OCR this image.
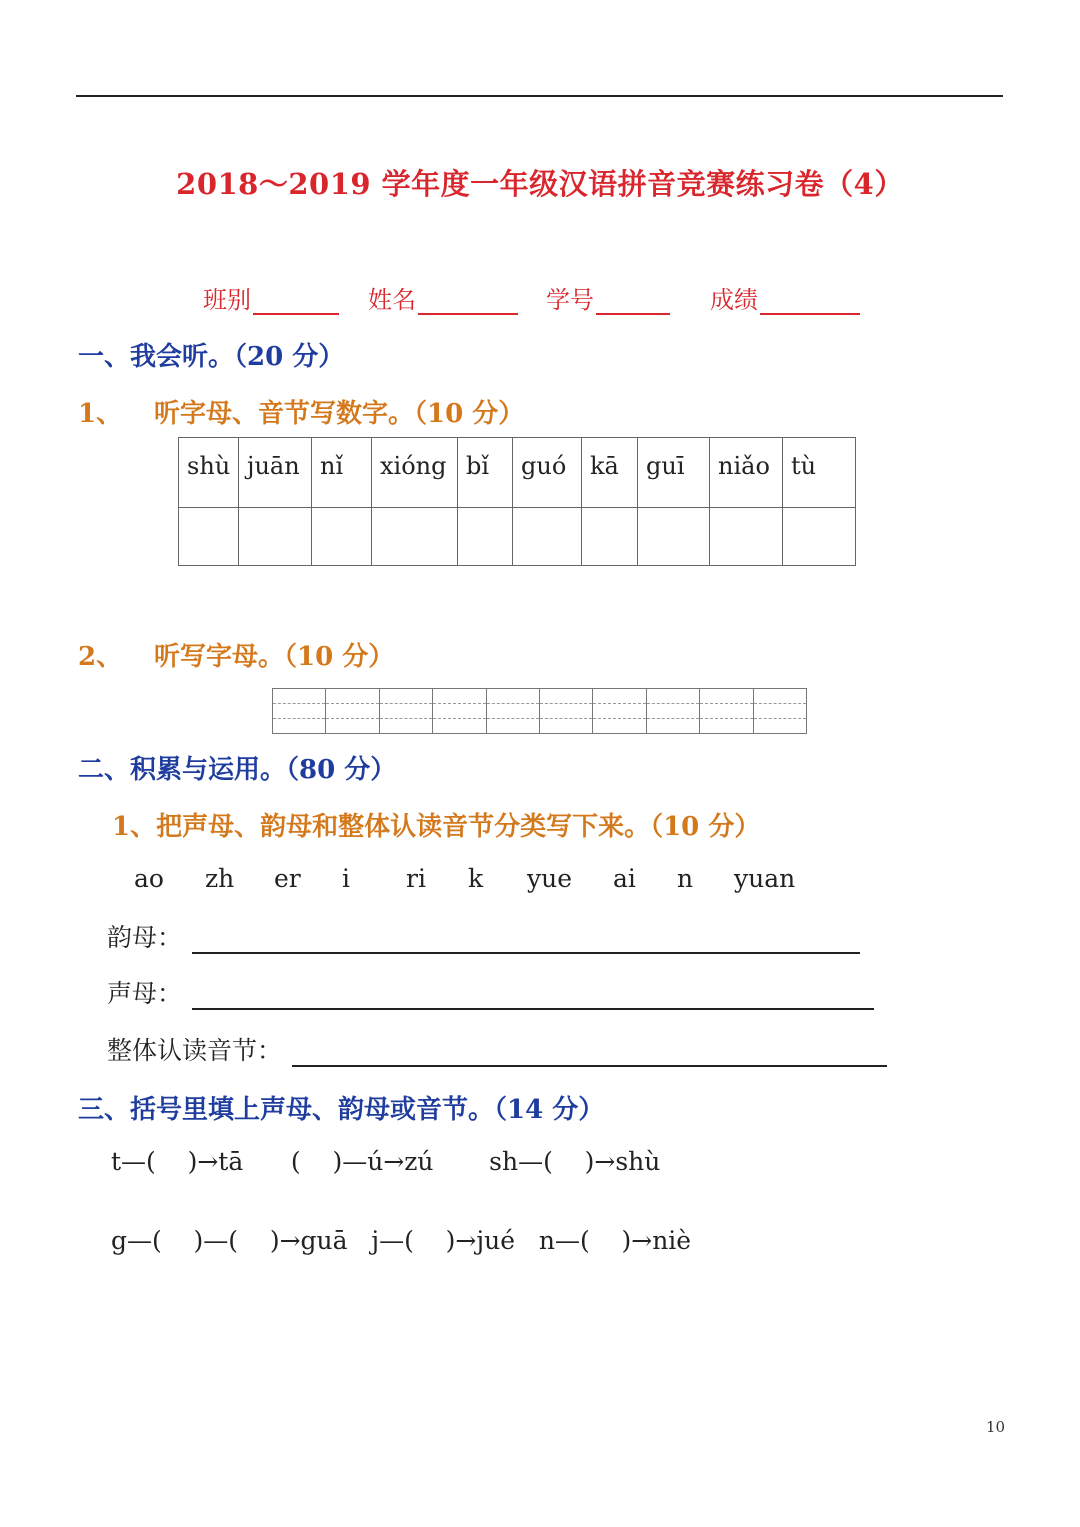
2018～2019 学年度一年级汉语拼音竞赛练习卷（4）
班别	姓名	学号	成绩
一、我会听。（20 分）
1、 听字母、音节写数字。（10 分）
shù	juān	nǐ	xióng	bǐ	guó	kā	guī	niǎo	tù

2、 听写字母。（10 分）
二、积累与运用。（80 分）
1、把声母、韵母和整体认读音节分类写下来。（10 分）
ao zh er i ri k yue ai n yuan
韵母：
声母：
整体认读音节：
三、括号里填上声母、韵母或音节。（14 分）
t—(    )→tā      (    )—ú→zú       sh—(    )→shù
g—(    )—(    )→guā   j—(    )→jué   n—(    )→niè
10
